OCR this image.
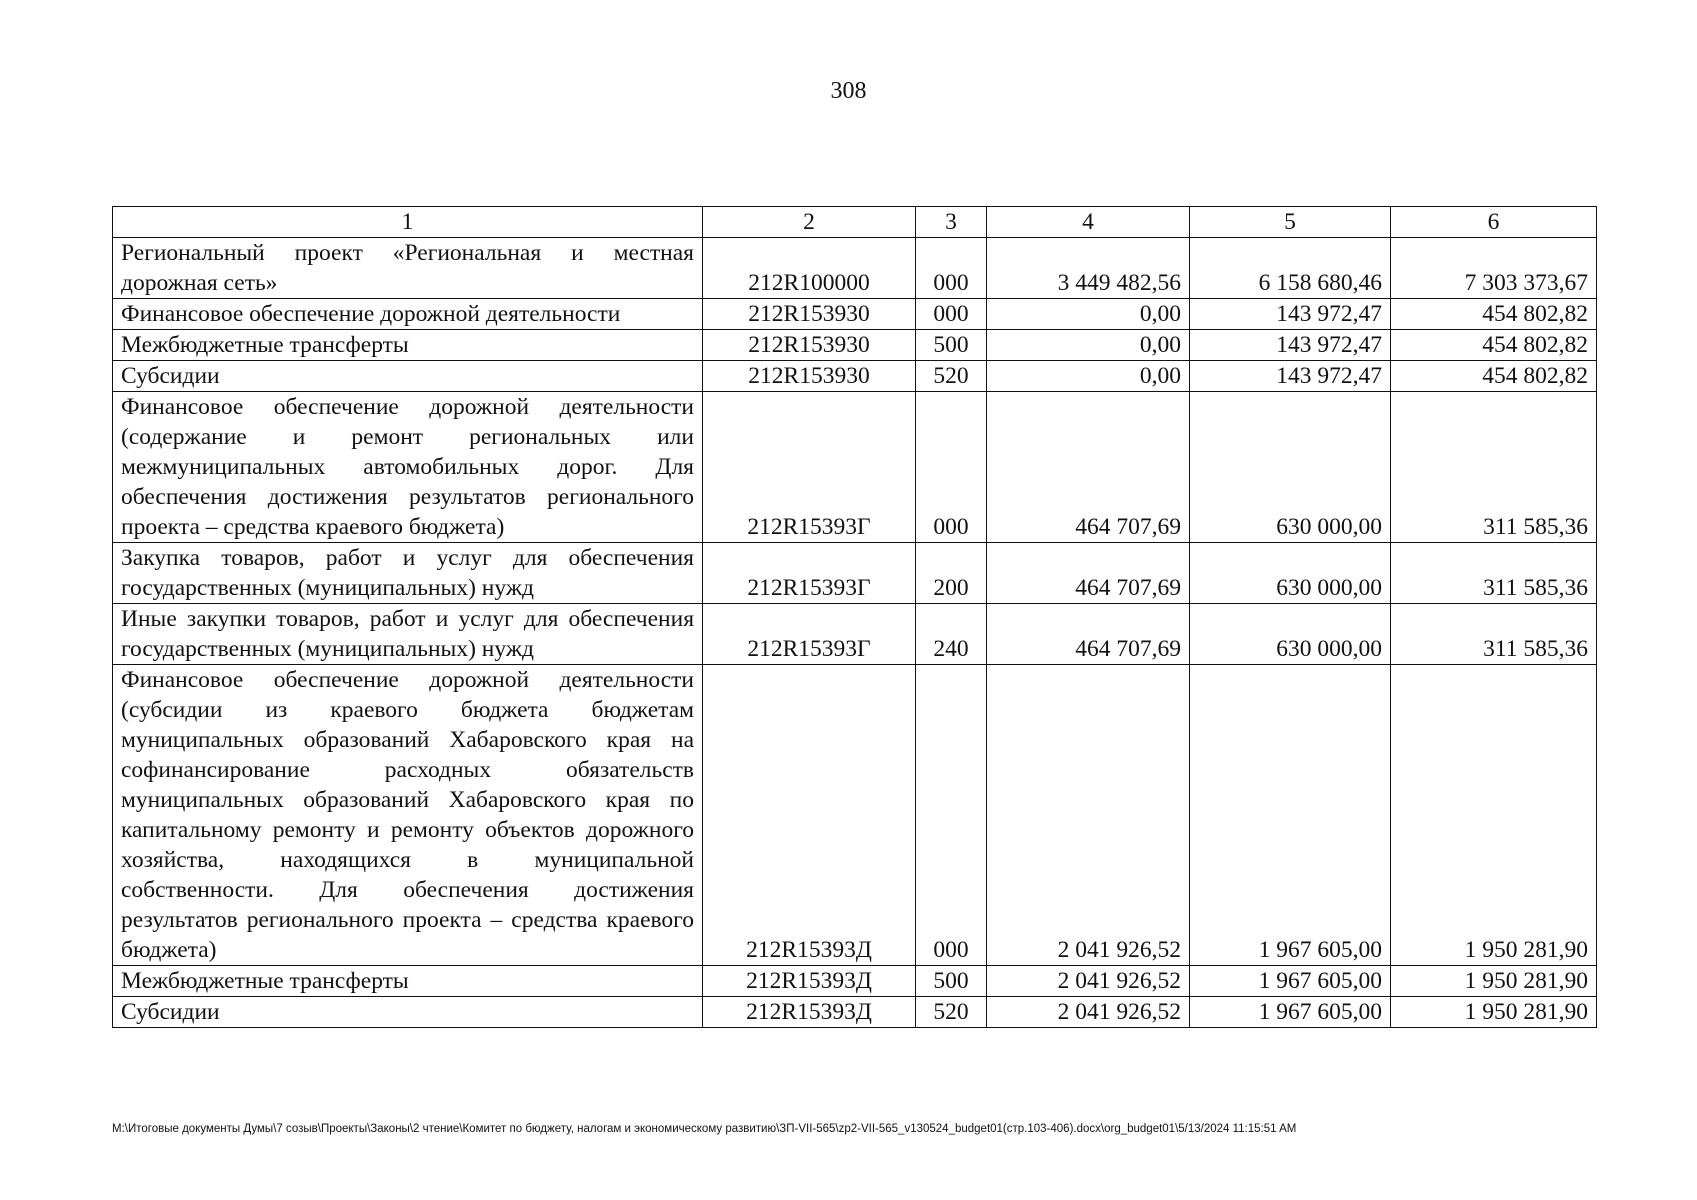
308
1	2	3	4	5	6
Региональный проект «Региональная и местная дорожная сеть»	212R100000	000	3 449 482,56	6 158 680,46	7 303 373,67
Финансовое обеспечение дорожной деятельности	212R153930	000	0,00	143 972,47	454 802,82
Межбюджетные трансферты	212R153930	500	0,00	143 972,47	454 802,82
Субсидии	212R153930	520	0,00	143 972,47	454 802,82
Финансовое обеспечение дорожной деятельности (содержание и ремонт региональных или межмуниципальных автомобильных дорог. Для обеспечения достижения результатов регионального проекта – средства краевого бюджета)	212R15393Г	000	464 707,69	630 000,00	311 585,36
Закупка товаров, работ и услуг для обеспечения государственных (муниципальных) нужд	212R15393Г	200	464 707,69	630 000,00	311 585,36
Иные закупки товаров, работ и услуг для обеспечения государственных (муниципальных) нужд	212R15393Г	240	464 707,69	630 000,00	311 585,36
Финансовое обеспечение дорожной деятельности (субсидии из краевого бюджета бюджетам муниципальных образований Хабаровского края на софинансирование расходных обязательств муниципальных образований Хабаровского края по капитальному ремонту и ремонту объектов дорожного хозяйства, находящихся в муниципальной собственности. Для обеспечения достижения результатов регионального проекта – средства краевого бюджета)	212R15393Д	000	2 041 926,52	1 967 605,00	1 950 281,90
Межбюджетные трансферты	212R15393Д	500	2 041 926,52	1 967 605,00	1 950 281,90
Субсидии	212R15393Д	520	2 041 926,52	1 967 605,00	1 950 281,90
M:\Итоговые документы Думы\7 созыв\Проекты\Законы\2 чтение\Комитет по бюджету, налогам и экономическому развитию\ЗП-VII-565\zp2-VII-565_v130524_budget01(стр.103-406).docx\org_budget01\5/13/2024 11:15:51 AM
